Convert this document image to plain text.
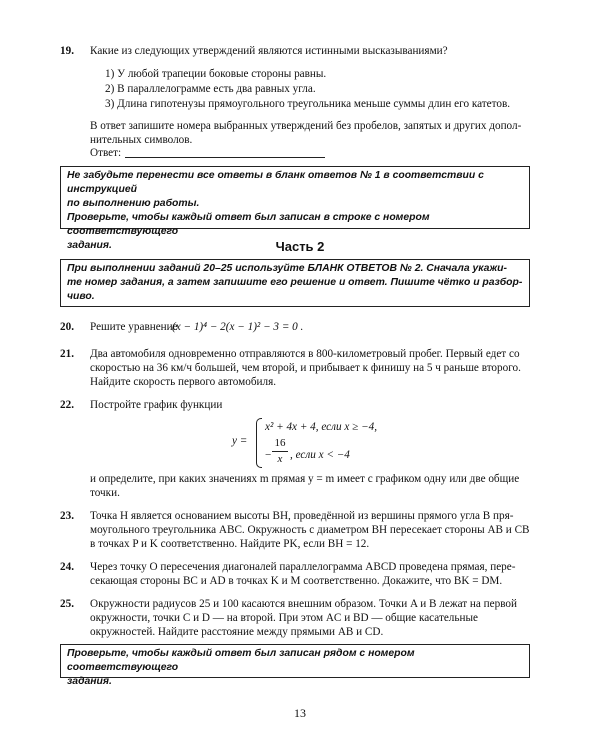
19. Какие из следующих утверждений являются истинными высказываниями?
1) У любой трапеции боковые стороны равны.
2) В параллелограмме есть два равных угла.
3) Длина гипотенузы прямоугольного треугольника меньше суммы длин его катетов.
В ответ запишите номера выбранных утверждений без пробелов, запятых и других допол-
нительных символов.
Ответ:
Не забудьте перенести все ответы в бланк ответов № 1 в соответствии с инструкцией
по выполнению работы.
Проверьте, чтобы каждый ответ был записан в строке с номером соответствующего
задания.	Часть 2
При выполнении заданий 20–25 используйте БЛАНК ОТВЕТОВ № 2. Сначала укажи-
те номер задания, а затем запишите его решение и ответ. Пишите чётко и разбор-
чиво.
20. Решите уравнение
(x − 1)⁴ − 2(x − 1)² − 3 = 0 .
21. Два автомобиля одновременно отправляются в 800-километровый пробег. Первый едет со
скоростью на 36 км/ч большей, чем второй, и прибывает к финишу на 5 ч раньше второго.
Найдите скорость первого автомобиля.
22. Постройте график функции
y =
x² + 4x + 4, если x ≥ −4,
−
16
x , если x < −4
и определите, при каких значениях m прямая y = m имеет с графиком одну или две общие
точки.
23. Точка H является основанием высоты BH, проведённой из вершины прямого угла B пря-
моугольного треугольника ABC. Окружность с диаметром BH пересекает стороны AB и CB
в точках P и K соответственно. Найдите PK, если BH = 12.
24. Через точку O пересечения диагоналей параллелограмма ABCD проведена прямая, пере-
секающая стороны BC и AD в точках K и M соответственно. Докажите, что BK = DM.
25. Окружности радиусов 25 и 100 касаются внешним образом. Точки A и B лежат на первой
окружности, точки C и D — на второй. При этом AC и BD — общие касательные
окружностей. Найдите расстояние между прямыми AB и CD.
Проверьте, чтобы каждый ответ был записан рядом с номером соответствующего
задания.
13
